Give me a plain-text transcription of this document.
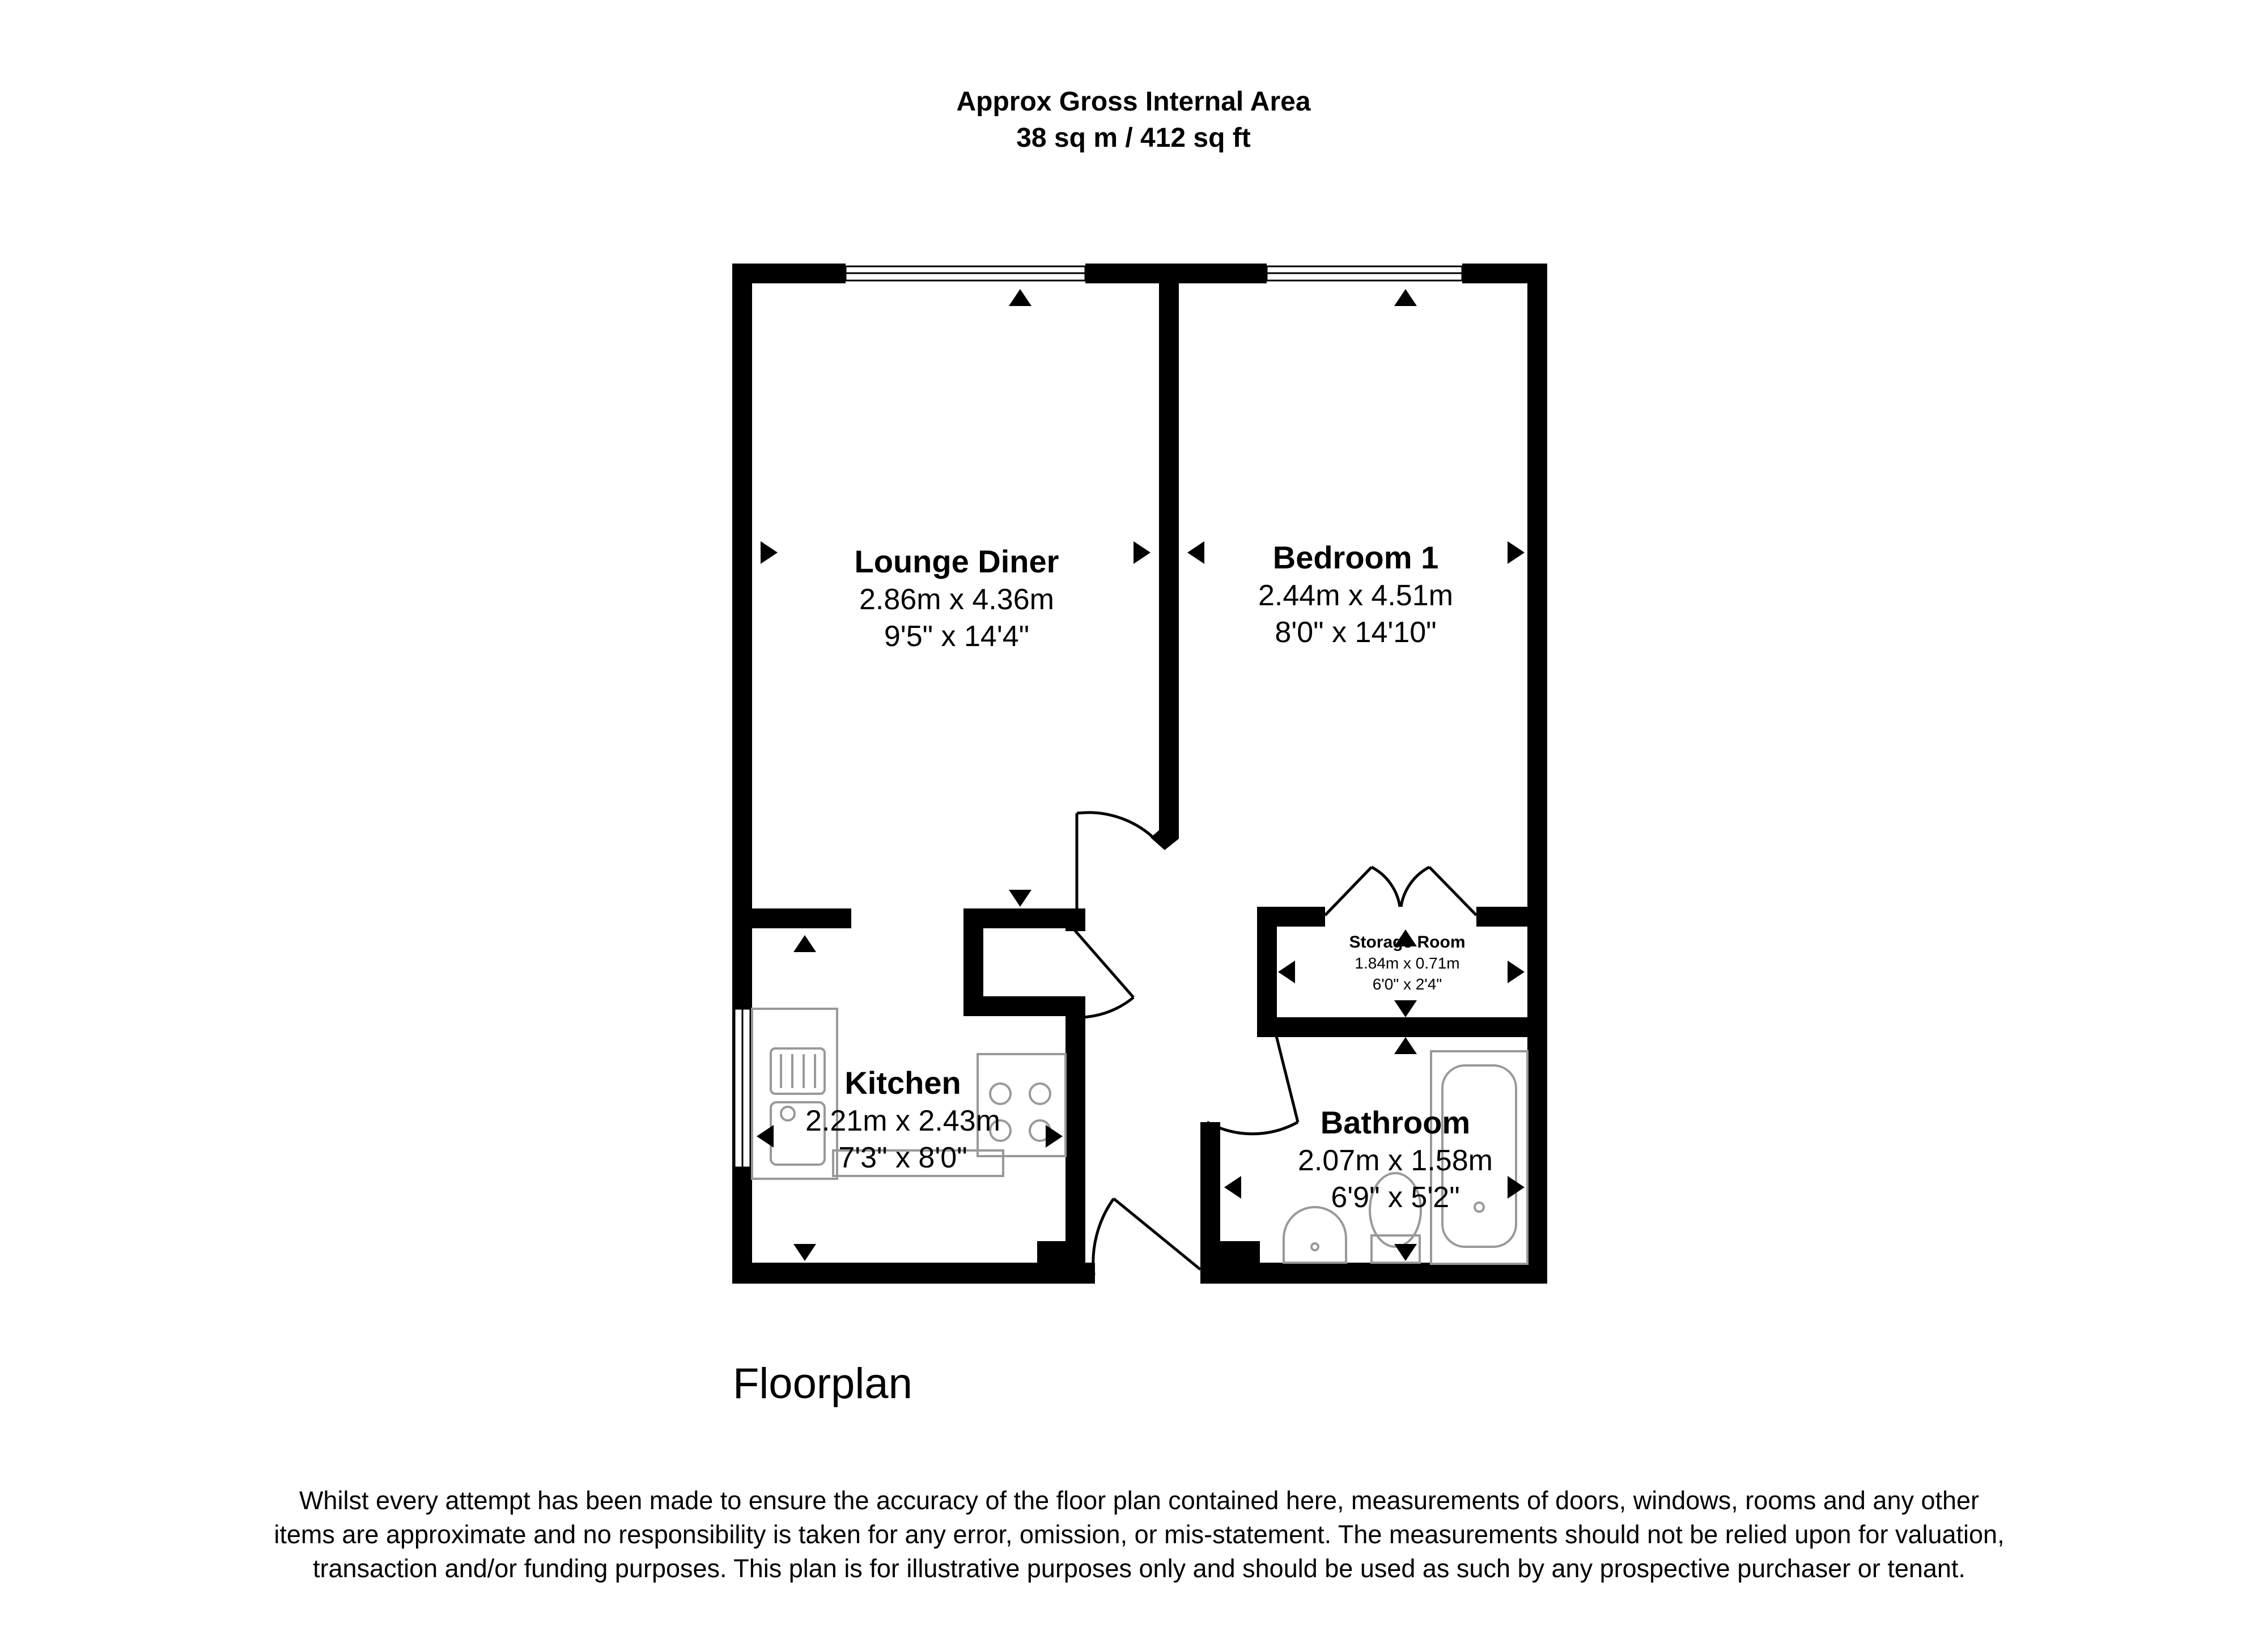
Approx Gross Internal Area
38 sq m / 412 sq ft
Lounge Diner
2.86m x 4.36m
9'5" x 14'4"
Bedroom 1
2.44m x 4.51m
8'0" x 14'10"
Storage Room
1.84m x 0.71m
6'0" x 2'4"
Kitchen
2.21m x 2.43m
7'3" x 8'0"
Bathroom
2.07m x 1.58m
6'9" x 5'2"
Floorplan
Whilst every attempt has been made to ensure the accuracy of the floor plan contained here, measurements of doors, windows, rooms and any other items are approximate and no responsibility is taken for any error, omission, or mis-statement. The measurements should not be relied upon for valuation, transaction and/or funding purposes. This plan is for illustrative purposes only and should be used as such by any prospective purchaser or tenant.
